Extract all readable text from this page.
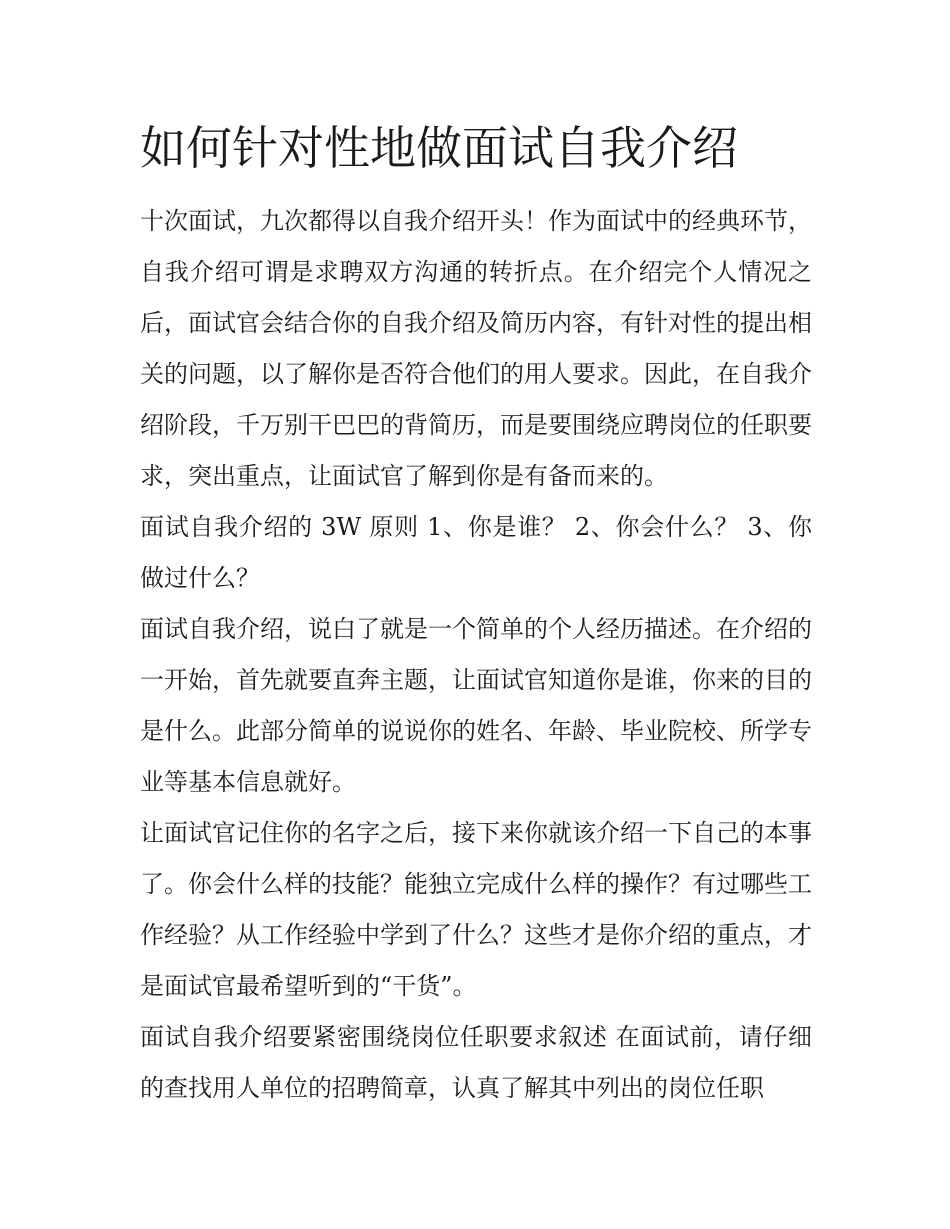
如何针对性地做面试自我介绍

十次面试，九次都得以自我介绍开头！作为面试中的经典环节，自我介绍可谓是求聘双方沟通的转折点。在介绍完个人情况之后，面试官会结合你的自我介绍及简历内容，有针对性的提出相关的问题，以了解你是否符合他们的用人要求。因此，在自我介绍阶段，千万别干巴巴的背简历，而是要围绕应聘岗位的任职要求，突出重点，让面试官了解到你是有备而来的。

面试自我介绍的 3W 原则 1、你是谁？ 2、你会什么？ 3、你做过什么？

面试自我介绍，说白了就是一个简单的个人经历描述。在介绍的一开始，首先就要直奔主题，让面试官知道你是谁，你来的目的是什么。此部分简单的说说你的姓名、年龄、毕业院校、所学专业等基本信息就好。

让面试官记住你的名字之后，接下来你就该介绍一下自己的本事了。你会什么样的技能？能独立完成什么样的操作？有过哪些工作经验？从工作经验中学到了什么？这些才是你介绍的重点，才是面试官最希望听到的“干货”。

面试自我介绍要紧密围绕岗位任职要求叙述 在面试前，请仔细的查找用人单位的招聘简章，认真了解其中列出的岗位任职
